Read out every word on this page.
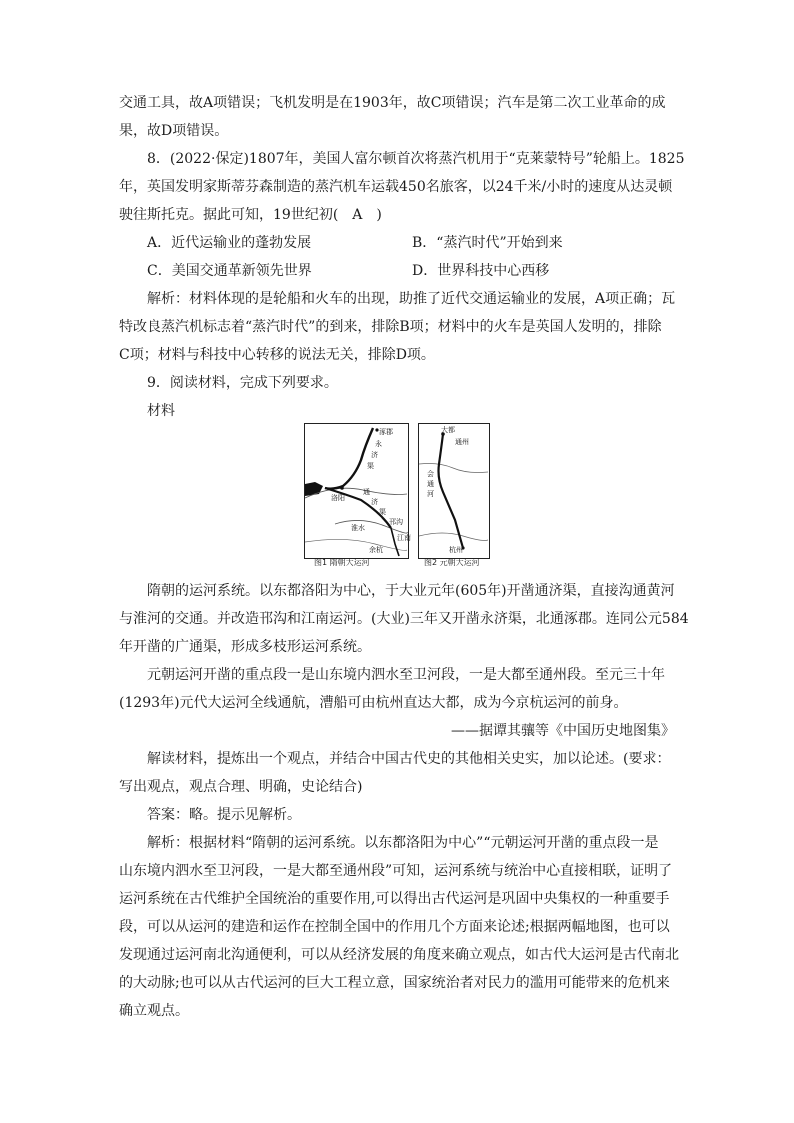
交通工具，故A项错误；飞机发明是在1903年，故C项错误；汽车是第二次工业革命的成
果，故D项错误。

8．(2022·保定)1807年，美国人富尔顿首次将蒸汽机用于“克莱蒙特号”轮船上。1825
年，英国发明家斯蒂芬森制造的蒸汽机车运载450名旅客，以24千米/小时的速度从达灵顿
驶往斯托克。据此可知，19世纪初(　A　)

A．近代运输业的蓬勃发展	B．“蒸汽时代”开始到来
C．美国交通革新领先世界	D．世界科技中心西移

解析：材料体现的是轮船和火车的出现，助推了近代交通运输业的发展，A项正确；瓦
特改良蒸汽机标志着“蒸汽时代”的到来，排除B项；材料中的火车是英国人发明的，排除
C项；材料与科技中心转移的说法无关，排除D项。

9．阅读材料，完成下列要求。
材料

涿郡
永
济
渠
洛阳
通
济
渠
邗沟
淮水
江南
余杭
大都
通州
会
通
河
杭州
图1 隋朝大运河	图2 元朝大运河

隋朝的运河系统。以东都洛阳为中心，于大业元年(605年)开凿通济渠，直接沟通黄河
与淮河的交通。并改造邗沟和江南运河。(大业)三年又开凿永济渠，北通涿郡。连同公元584
年开凿的广通渠，形成多枝形运河系统。

元朝运河开凿的重点段一是山东境内泗水至卫河段，一是大都至通州段。至元三十年
(1293年)元代大运河全线通航，漕船可由杭州直达大都，成为今京杭运河的前身。

——据谭其骧等《中国历史地图集》

解读材料，提炼出一个观点，并结合中国古代史的其他相关史实，加以论述。(要求：
写出观点，观点合理、明确，史论结合)

答案：略。提示见解析。

解析：根据材料“隋朝的运河系统。以东都洛阳为中心”“元朝运河开凿的重点段一是
山东境内泗水至卫河段，一是大都至通州段”可知，运河系统与统治中心直接相联，证明了
运河系统在古代维护全国统治的重要作用,可以得出古代运河是巩固中央集权的一种重要手
段，可以从运河的建造和运作在控制全国中的作用几个方面来论述;根据两幅地图，也可以
发现通过运河南北沟通便利，可以从经济发展的角度来确立观点，如古代大运河是古代南北
的大动脉;也可以从古代运河的巨大工程立意，国家统治者对民力的滥用可能带来的危机来
确立观点。
